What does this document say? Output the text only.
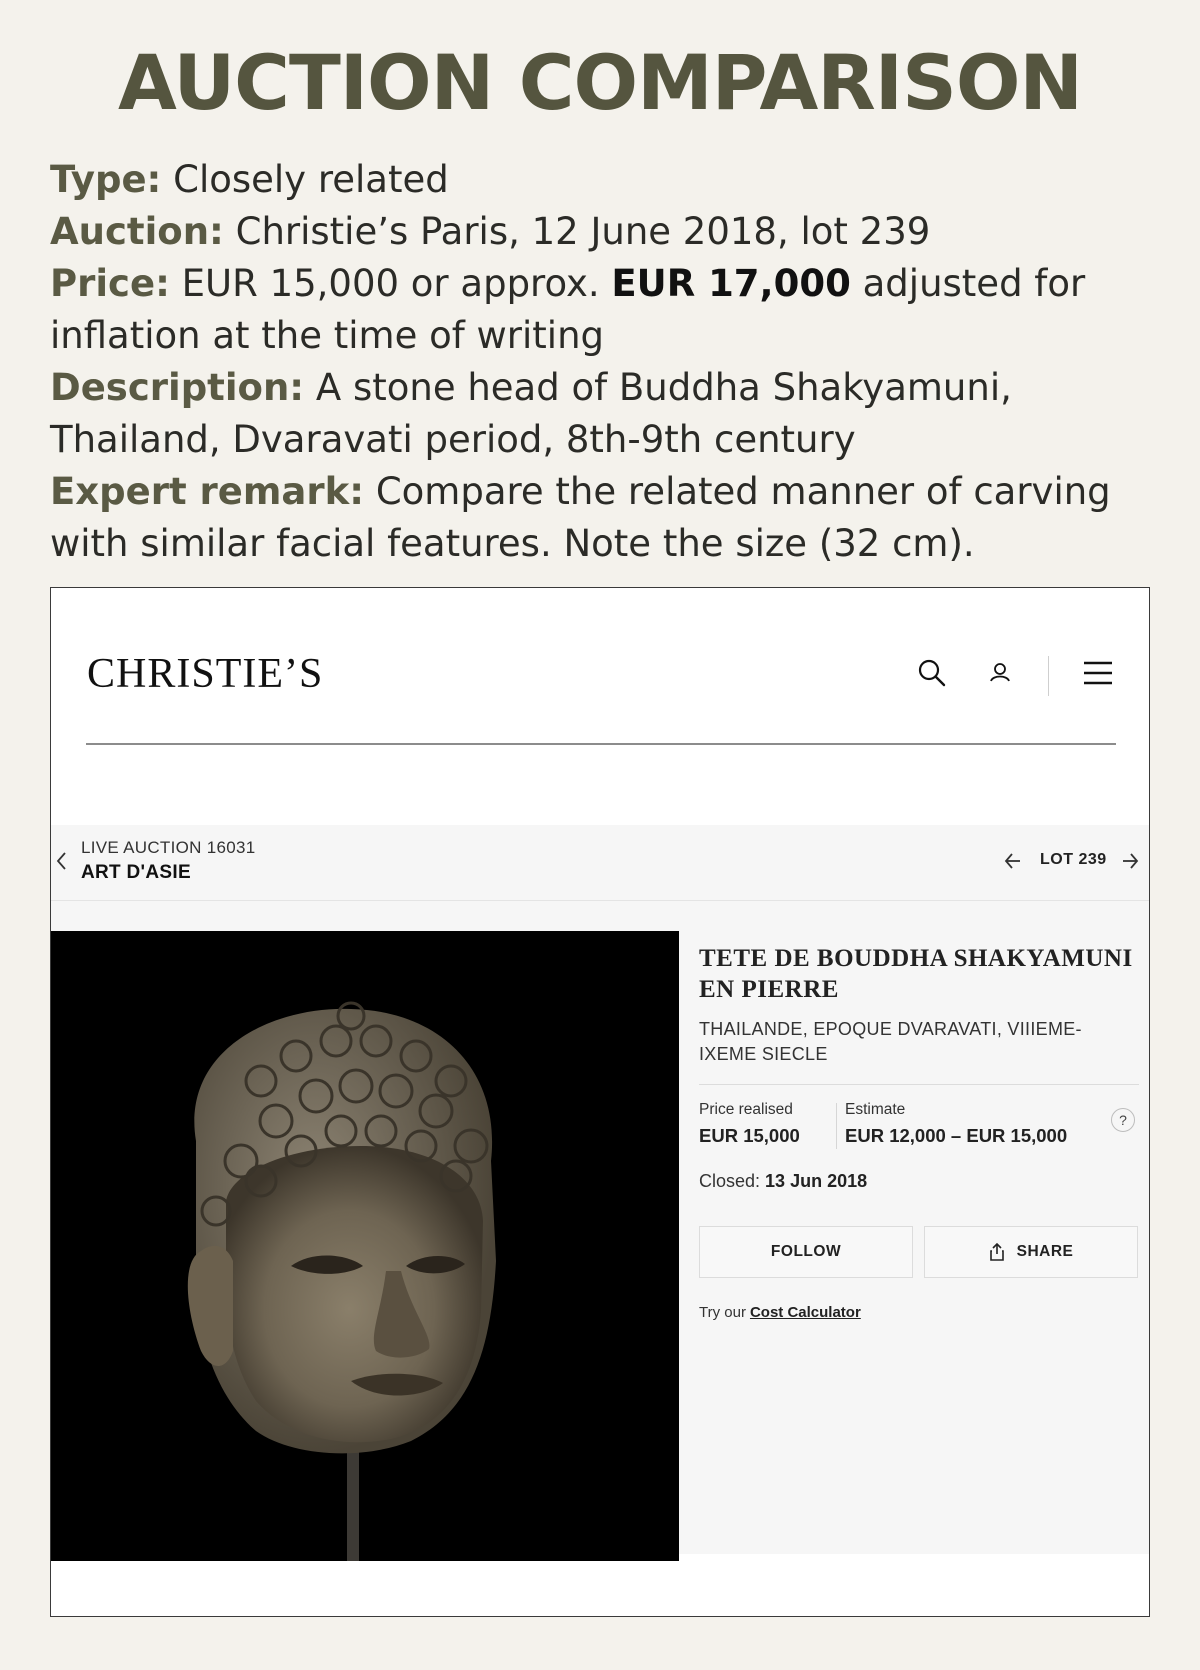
AUCTION COMPARISON

Type: Closely related

Auction: Christie’s Paris, 12 June 2018, lot 239

Price: EUR 15,000 or approx. EUR 17,000 adjusted for inflation at the time of writing

Description: A stone head of Buddha Shakyamuni, Thailand, Dvaravati period, 8th-9th century

Expert remark: Compare the related manner of carving with similar facial features. Note the size (32 cm).

CHRISTIE’S
LIVE AUCTION 16031
ART D'ASIE
LOT 239
TETE DE BOUDDHA SHAKYAMUNI EN PIERRE
THAILANDE, EPOQUE DVARAVATI, VIIIEME-IXEME SIECLE
Price realised
EUR 15,000
Estimate
EUR 12,000 – EUR 15,000
?
Closed: 13 Jun 2018
FOLLOW	SHARE
Try our Cost Calculator
